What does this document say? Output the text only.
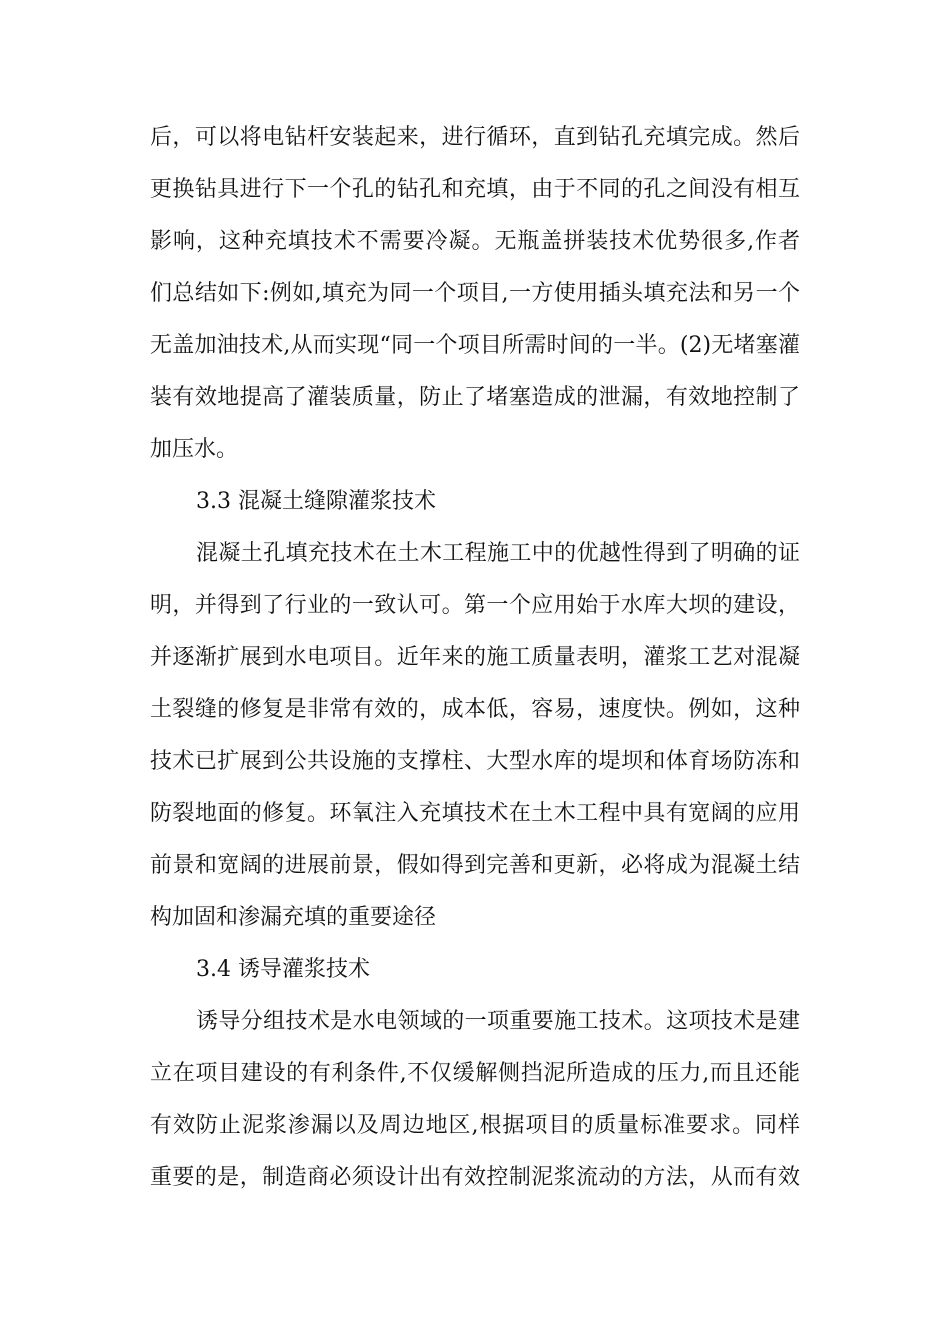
后，可以将电钻杆安装起来，进行循环，直到钻孔充填完成。然后
更换钻具进行下一个孔的钻孔和充填，由于不同的孔之间没有相互
影响，这种充填技术不需要冷凝。无瓶盖拼装技术优势很多,作者
们总结如下:例如,填充为同一个项目,一方使用插头填充法和另一个
无盖加油技术,从而实现“同一个项目所需时间的一半。(2)无堵塞灌
装有效地提高了灌装质量，防止了堵塞造成的泄漏，有效地控制了
加压水。
3.3 混凝土缝隙灌浆技术
混凝土孔填充技术在土木工程施工中的优越性得到了明确的证
明，并得到了行业的一致认可。第一个应用始于水库大坝的建设，
并逐渐扩展到水电项目。近年来的施工质量表明，灌浆工艺对混凝
土裂缝的修复是非常有效的，成本低，容易，速度快。例如，这种
技术已扩展到公共设施的支撑柱、大型水库的堤坝和体育场防冻和
防裂地面的修复。环氧注入充填技术在土木工程中具有宽阔的应用
前景和宽阔的进展前景，假如得到完善和更新，必将成为混凝土结
构加固和渗漏充填的重要途径
3.4 诱导灌浆技术
诱导分组技术是水电领域的一项重要施工技术。这项技术是建
立在项目建设的有利条件,不仅缓解侧挡泥所造成的压力,而且还能
有效防止泥浆渗漏以及周边地区,根据项目的质量标准要求。同样
重要的是，制造商必须设计出有效控制泥浆流动的方法，从而有效
